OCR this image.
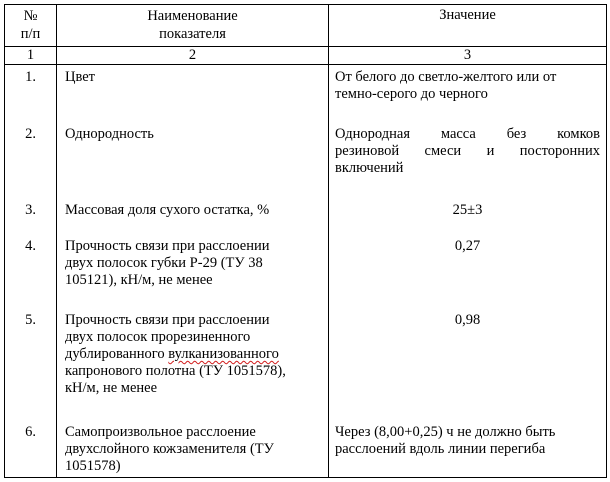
№
п/п	Наименование
показателя	Значение

1	2	3
1.	Цвет	От белого до светло-желтого или от
темно-серого до черного

2.	Однородность	Однородная масса без комков
резиновой смеси и посторонних
включений

3.	Массовая доля сухого остатка, %	25±3

4.	Прочность связи при расслоении
двух полосок губки Р-29 (ТУ 38
105121), кН/м, не менее	0,27

5.	Прочность связи при расслоении
двух полосок прорезиненного
дублированного вулканизованного
капронового полотна (ТУ 1051578),
кН/м, не менее	0,98

6.	Самопроизвольное расслоение
двухслойного кожзаменителя (ТУ
1051578)	Через (8,00+0,25) ч не должно быть
расслоений вдоль линии перегиба
